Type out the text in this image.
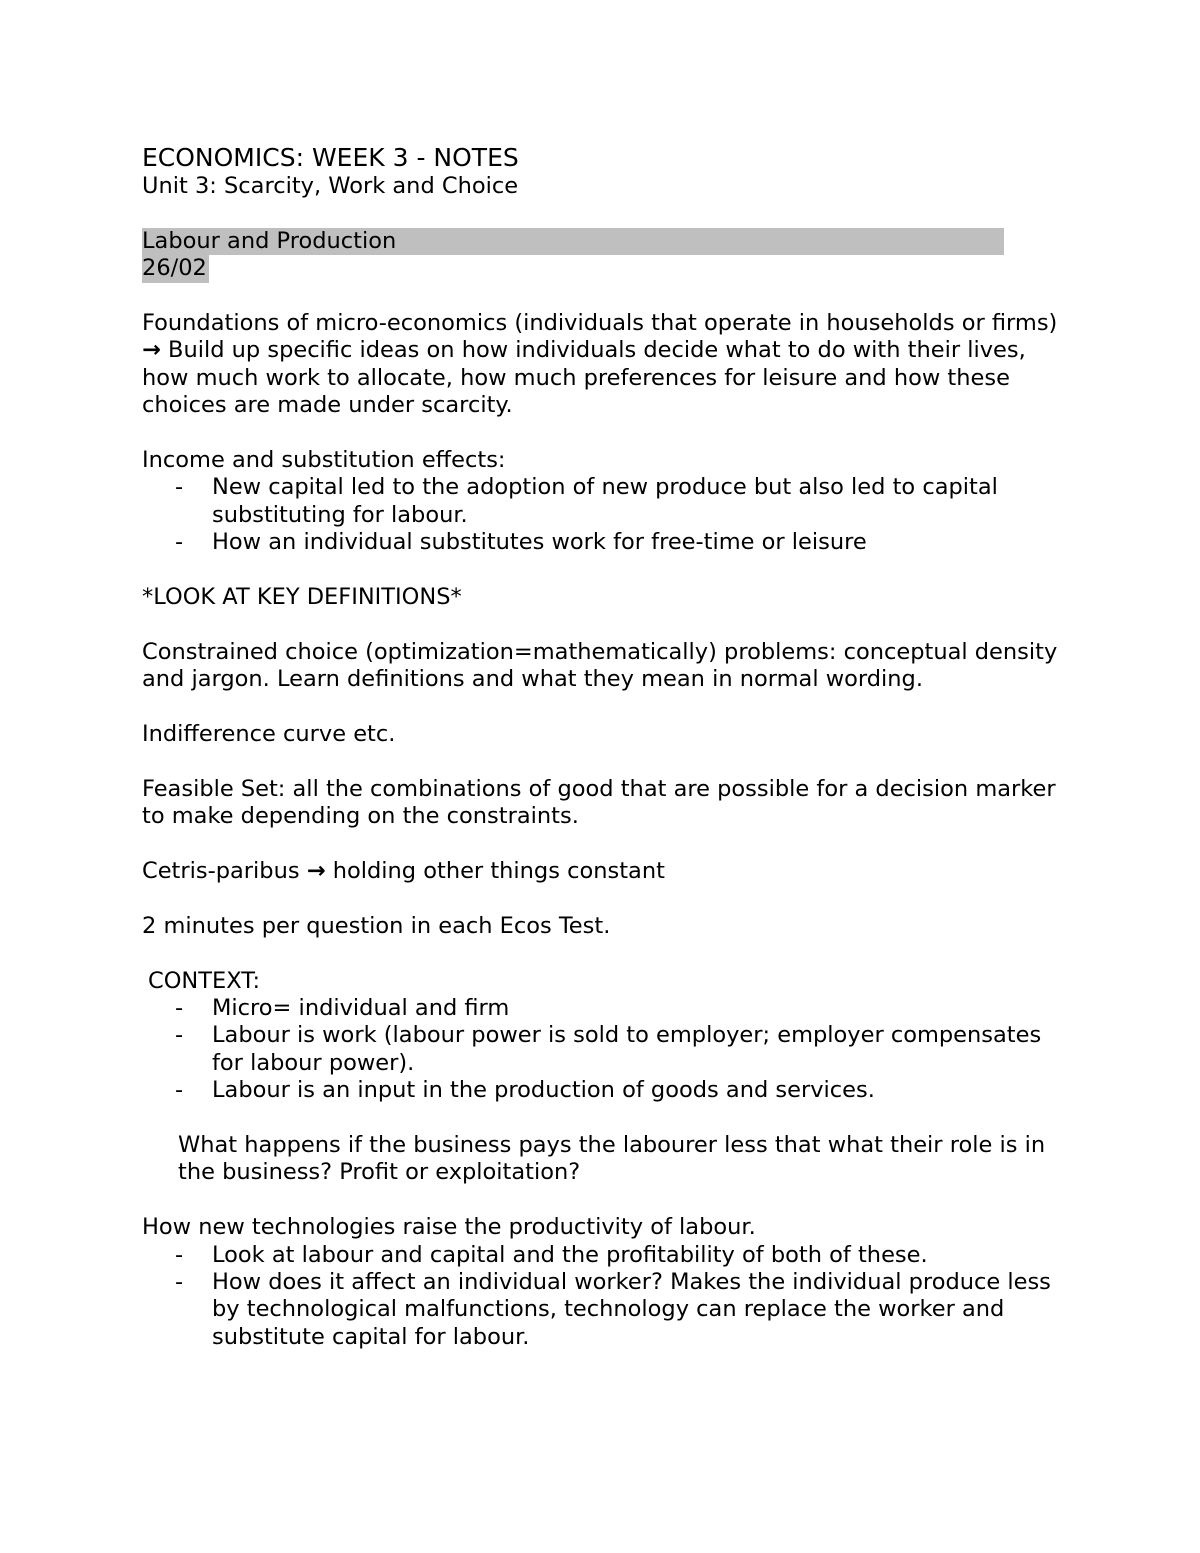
ECONOMICS: WEEK 3 - NOTES
Unit 3: Scarcity, Work and Choice
Labour and Production
26/02

Foundations of micro-economics (individuals that operate in households or firms)

→ Build up specific ideas on how individuals decide what to do with their lives, how much work to allocate, how much preferences for leisure and how these choices are made under scarcity.

Income and substitution effects:

- New capital led to the adoption of new produce but also led to capital substituting for labour.
- How an individual substitutes work for free-time or leisure

*LOOK AT KEY DEFINITIONS*

Constrained choice (optimization=mathematically) problems: conceptual density and jargon. Learn definitions and what they mean in normal wording.

Indifference curve etc.

Feasible Set: all the combinations of good that are possible for a decision marker to make depending on the constraints.

Cetris-paribus → holding other things constant

2 minutes per question in each Ecos Test.

CONTEXT:

- Micro= individual and firm
- Labour is work (labour power is sold to employer; employer compensates for labour power).
- Labour is an input in the production of goods and services.

What happens if the business pays the labourer less that what their role is in the business? Profit or exploitation?

How new technologies raise the productivity of labour.

- Look at labour and capital and the profitability of both of these.
- How does it affect an individual worker? Makes the individual produce less by technological malfunctions, technology can replace the worker and substitute capital for labour.
